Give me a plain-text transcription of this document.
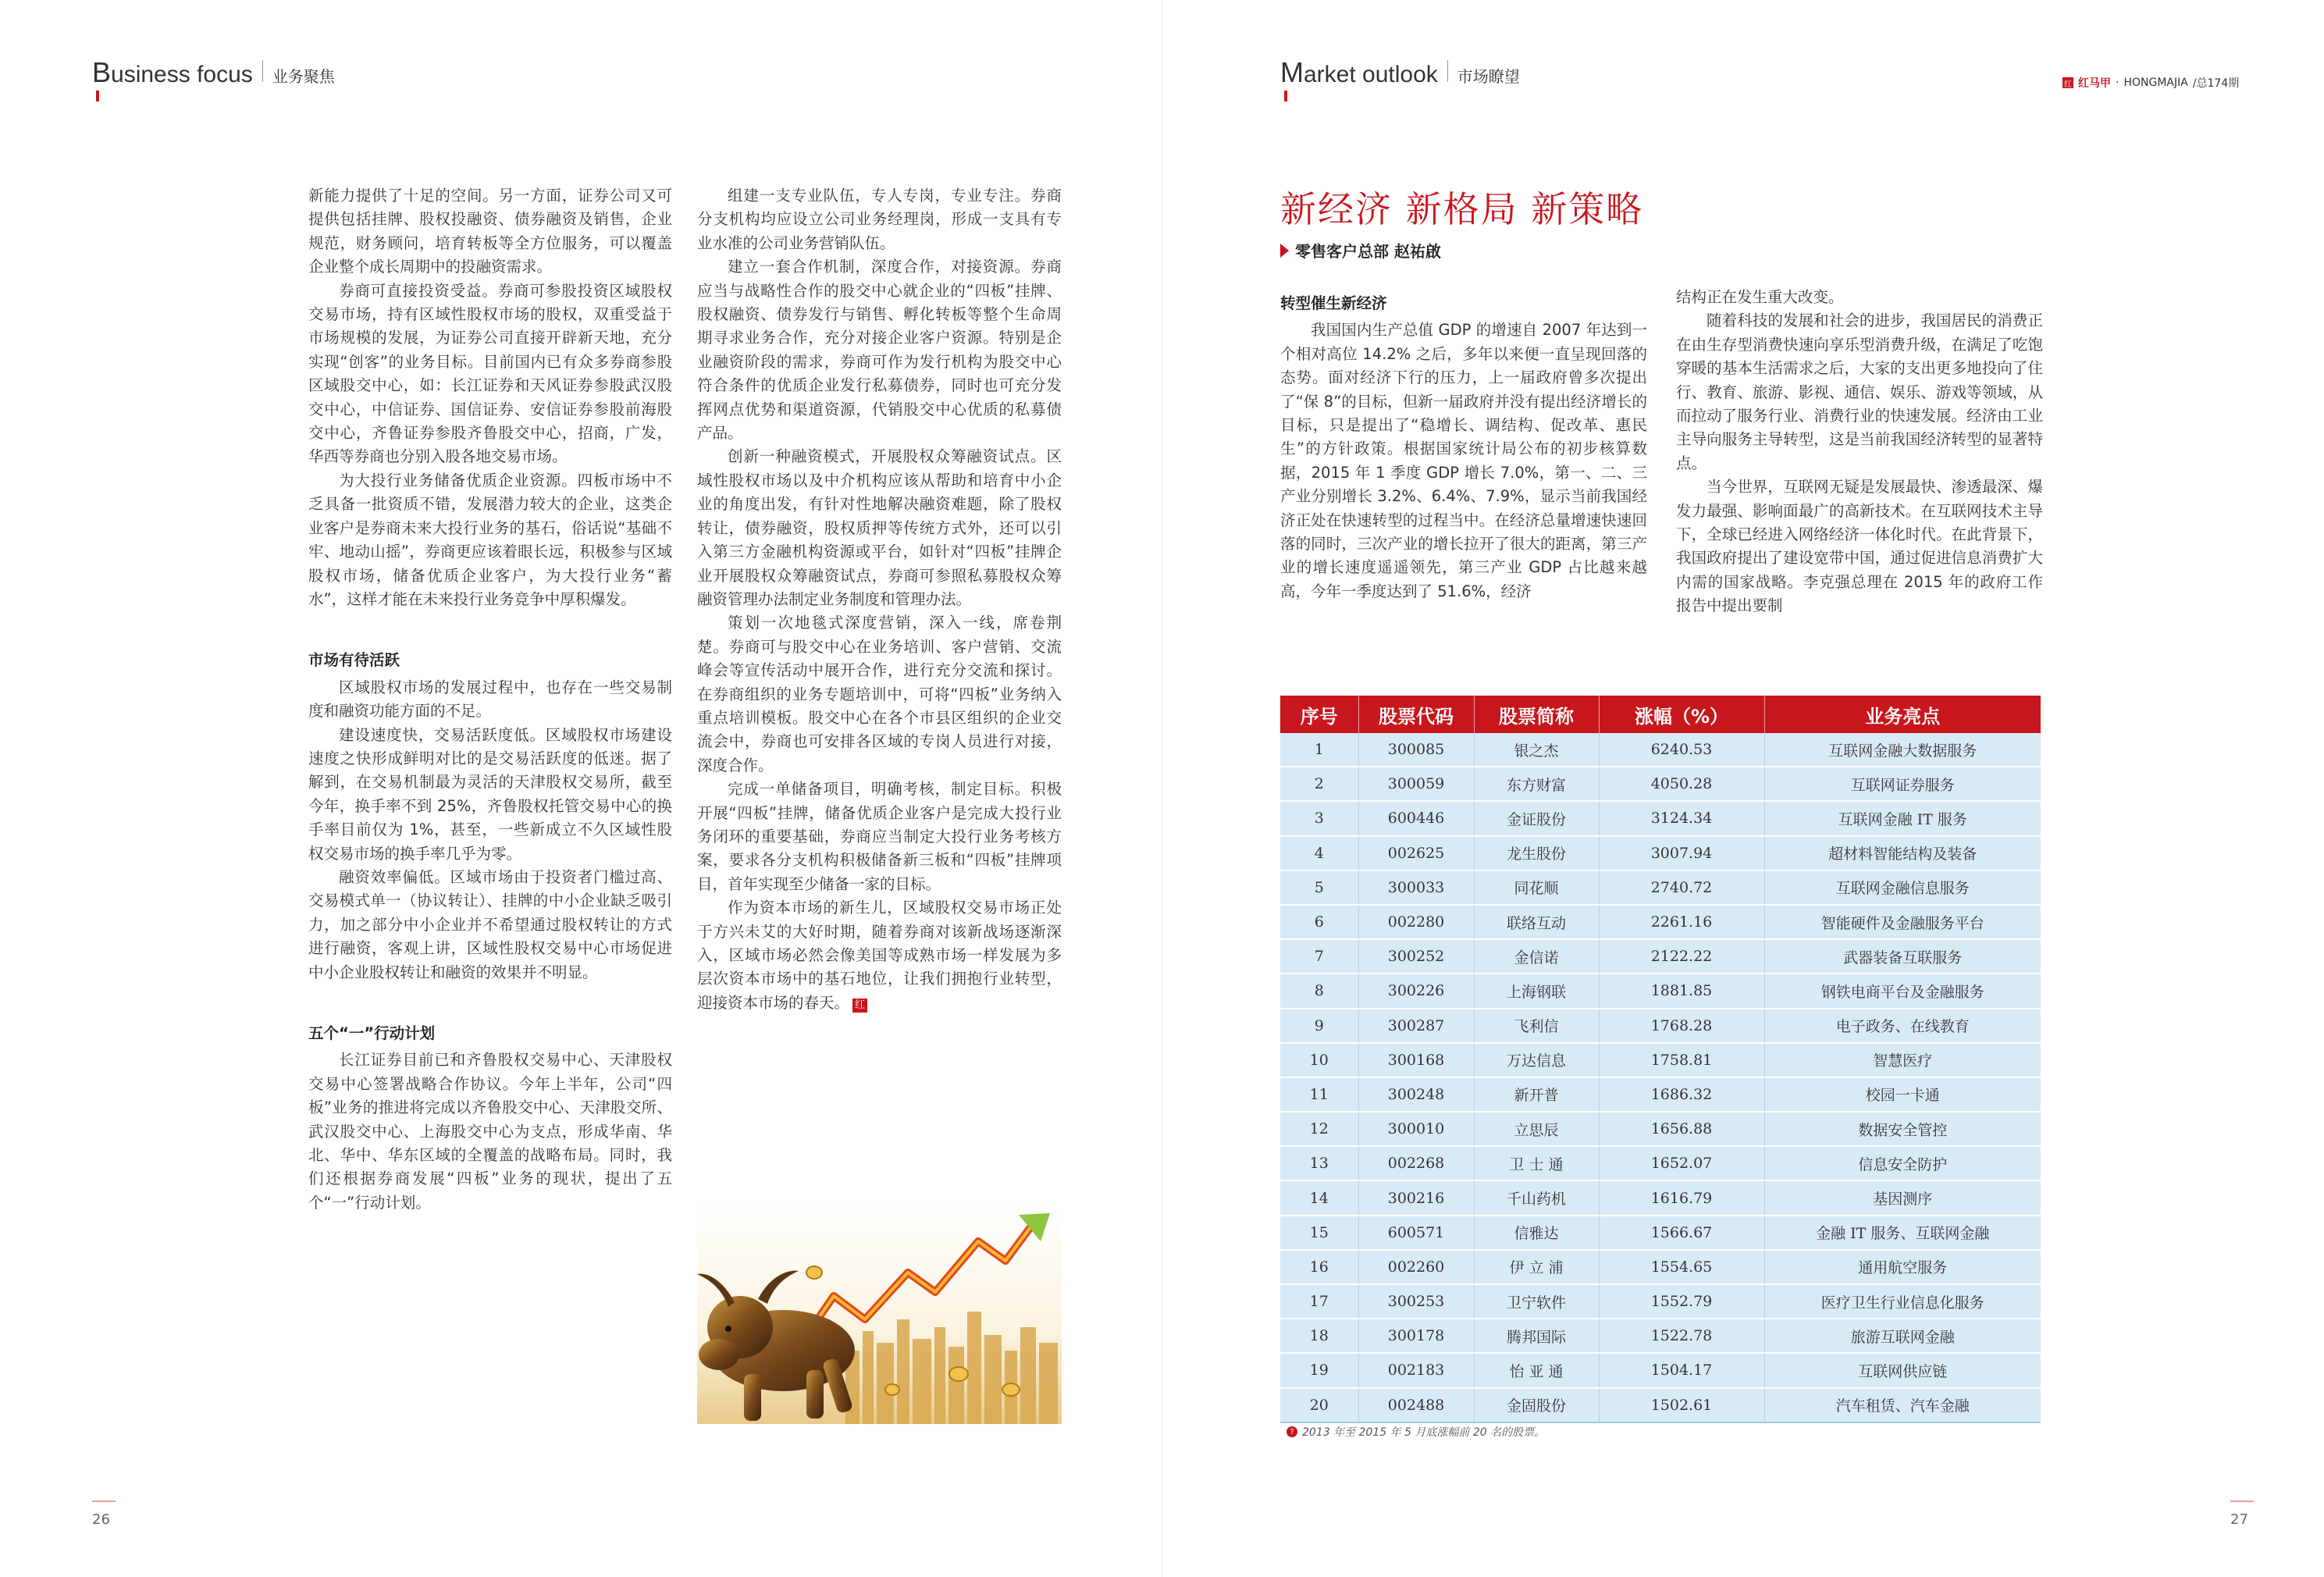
B usiness focus 业务聚焦	M arket outlook 市场瞭望	红 红马甲 · HONGMAJIA /总174期

新能力提供了十足的空间。另一方面，证券公司又可提供包括挂牌、股权投融资、债券融资及销售，企业规范，财务顾问，培育转板等全方位服务，可以覆盖企业整个成长周期中的投融资需求。

券商可直接投资受益。券商可参股投资区域股权交易市场，持有区域性股权市场的股权，双重受益于市场规模的发展，为证券公司直接开辟新天地，充分实现“创客”的业务目标。目前国内已有众多券商参股区域股交中心，如：长江证券和天风证券参股武汉股交中心，中信证券、国信证券、安信证券参股前海股交中心，齐鲁证券参股齐鲁股交中心，招商，广发，华西等券商也分别入股各地交易市场。

为大投行业务储备优质企业资源。四板市场中不乏具备一批资质不错，发展潜力较大的企业，这类企业客户是券商未来大投行业务的基石，俗话说“基础不牢、地动山摇”，券商更应该着眼长远，积极参与区域股权市场，储备优质企业客户，为大投行业务“蓄水”，这样才能在未来投行业务竞争中厚积爆发。

市场有待活跃

区域股权市场的发展过程中，也存在一些交易制度和融资功能方面的不足。

建设速度快，交易活跃度低。区域股权市场建设速度之快形成鲜明对比的是交易活跃度的低迷。据了解到，在交易机制最为灵活的天津股权交易所，截至今年，换手率不到 25%，齐鲁股权托管交易中心的换手率目前仅为 1%，甚至，一些新成立不久区域性股权交易市场的换手率几乎为零。

融资效率偏低。区域市场由于投资者门槛过高、交易模式单一（协议转让）、挂牌的中小企业缺乏吸引力，加之部分中小企业并不希望通过股权转让的方式进行融资，客观上讲，区域性股权交易中心市场促进中小企业股权转让和融资的效果并不明显。

五个“一”行动计划

长江证券目前已和齐鲁股权交易中心、天津股权交易中心签署战略合作协议。今年上半年，公司“四板”业务的推进将完成以齐鲁股交中心、天津股交所、武汉股交中心、上海股交中心为支点，形成华南、华北、华中、华东区域的全覆盖的战略布局。同时，我们还根据券商发展“四板”业务的现状，提出了五个“一”行动计划。

组建一支专业队伍，专人专岗，专业专注。券商分支机构均应设立公司业务经理岗，形成一支具有专业水准的公司业务营销队伍。

建立一套合作机制，深度合作，对接资源。券商应当与战略性合作的股交中心就企业的“四板”挂牌、股权融资、债券发行与销售、孵化转板等整个生命周期寻求业务合作，充分对接企业客户资源。特别是企业融资阶段的需求，券商可作为发行机构为股交中心符合条件的优质企业发行私募债券，同时也可充分发挥网点优势和渠道资源，代销股交中心优质的私募债产品。

创新一种融资模式，开展股权众筹融资试点。区域性股权市场以及中介机构应该从帮助和培育中小企业的角度出发，有针对性地解决融资难题，除了股权转让，债券融资，股权质押等传统方式外，还可以引入第三方金融机构资源或平台，如针对“四板”挂牌企业开展股权众筹融资试点，券商可参照私募股权众筹融资管理办法制定业务制度和管理办法。

策划一次地毯式深度营销，深入一线，席卷荆楚。券商可与股交中心在业务培训、客户营销、交流峰会等宣传活动中展开合作，进行充分交流和探讨。在券商组织的业务专题培训中，可将“四板”业务纳入重点培训模板。股交中心在各个市县区组织的企业交流会中，券商也可安排各区域的专岗人员进行对接，深度合作。

完成一单储备项目，明确考核，制定目标。积极开展“四板”挂牌，储备优质企业客户是完成大投行业务闭环的重要基础，券商应当制定大投行业务考核方案，要求各分支机构积极储备新三板和“四板”挂牌项目，首年实现至少储备一家的目标。

作为资本市场的新生儿，区域股权交易市场正处于方兴未艾的大好时期，随着券商对该新战场逐渐深入，区域市场必然会像美国等成熟市场一样发展为多层次资本市场中的基石地位，让我们拥抱行业转型，迎接资本市场的春天。 红

新经济 新格局 新策略
零售客户总部 赵祐啟
转型催生新经济

我国国内生产总值 GDP 的增速自 2007 年达到一个相对高位 14.2% 之后，多年以来便一直呈现回落的态势。面对经济下行的压力，上一届政府曾多次提出了“保 8”的目标，但新一届政府并没有提出经济增长的目标，只是提出了“稳增长、调结构、促改革、惠民生”的方针政策。根据国家统计局公布的初步核算数据，2015 年 1 季度 GDP 增长 7.0%，第一、二、三产业分别增长 3.2%、6.4%、7.9%，显示当前我国经济正处在快速转型的过程当中。在经济总量增速快速回落的同时，三次产业的增长拉开了很大的距离，第三产业的增长速度遥遥领先，第三产业 GDP 占比越来越高，今年一季度达到了 51.6%，经济

结构正在发生重大改变。

随着科技的发展和社会的进步，我国居民的消费正在由生存型消费快速向享乐型消费升级，在满足了吃饱穿暖的基本生活需求之后，大家的支出更多地投向了住行、教育、旅游、影视、通信、娱乐、游戏等领域，从而拉动了服务行业、消费行业的快速发展。经济由工业主导向服务主导转型，这是当前我国经济转型的显著特点。

当今世界，互联网无疑是发展最快、渗透最深、爆发力最强、影响面最广的高新技术。在互联网技术主导下，全球已经进入网络经济一体化时代。在此背景下，我国政府提出了建设宽带中国，通过促进信息消费扩大内需的国家战略。李克强总理在 2015 年的政府工作报告中提出要制

序号	股票代码	股票简称	涨幅（%）	业务亮点
1	300085	银之杰	6240.53	互联网金融大数据服务
2	300059	东方财富	4050.28	互联网证券服务
3	600446	金证股份	3124.34	互联网金融 IT 服务
4	002625	龙生股份	3007.94	超材料智能结构及装备
5	300033	同花顺	2740.72	互联网金融信息服务
6	002280	联络互动	2261.16	智能硬件及金融服务平台
7	300252	金信诺	2122.22	武器装备互联服务
8	300226	上海钢联	1881.85	钢铁电商平台及金融服务
9	300287	飞利信	1768.28	电子政务、在线教育
10	300168	万达信息	1758.81	智慧医疗
11	300248	新开普	1686.32	校园一卡通
12	300010	立思辰	1656.88	数据安全管控
13	002268	卫 士 通	1652.07	信息安全防护
14	300216	千山药机	1616.79	基因测序
15	600571	信雅达	1566.67	金融 IT 服务、互联网金融
16	002260	伊 立 浦	1554.65	通用航空服务
17	300253	卫宁软件	1552.79	医疗卫生行业信息化服务
18	300178	腾邦国际	1522.78	旅游互联网金融
19	002183	怡 亚 通	1504.17	互联网供应链
20	002488	金固股份	1502.61	汽车租赁、汽车金融
? 2013 年至 2015 年 5 月底涨幅前 20 名的股票。
26	27
